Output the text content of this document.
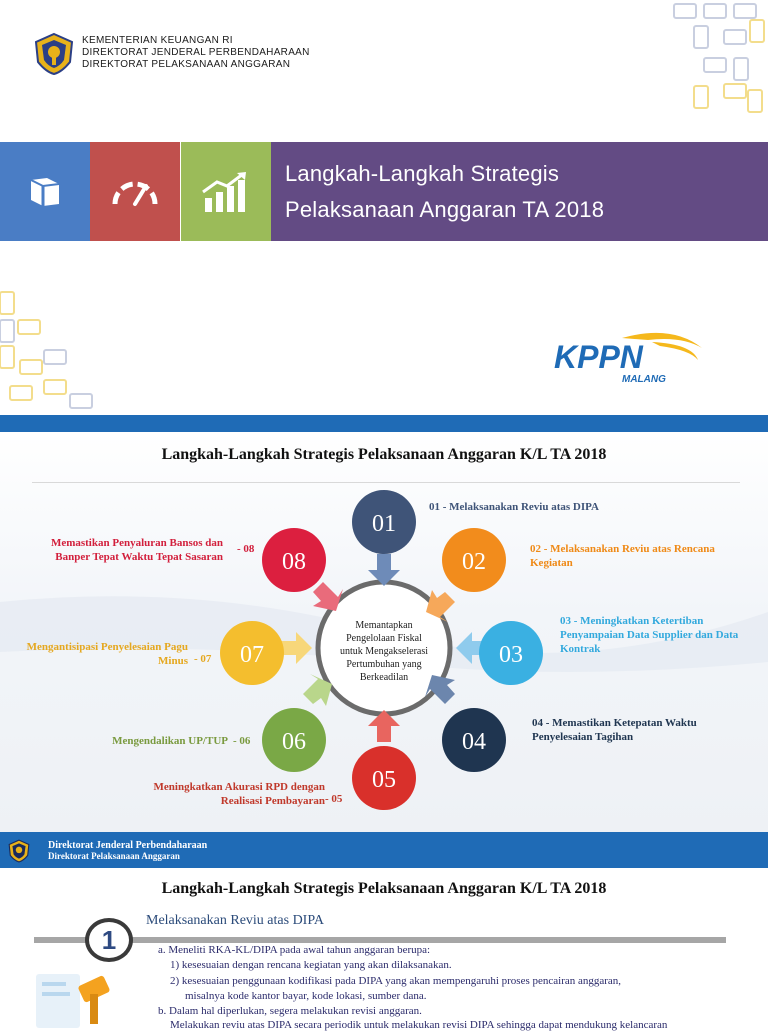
KEMENTERIAN KEUANGAN RI
DIREKTORAT JENDERAL PERBENDAHARAAN
DIREKTORAT PELAKSANAAN ANGGARAN
Langkah-Langkah Strategis
Pelaksanaan Anggaran TA 2018
KPPN
MALANG
Langkah-Langkah Strategis Pelaksanaan Anggaran K/L TA 2018
Memantapkan
Pengelolaan Fiskal
untuk Mengakselerasi
Pertumbuhan yang
Berkeadilan
01
02
03
04
05
06
07
08
01 - Melaksanakan Reviu atas DIPA
02 - Melaksanakan Reviu atas Rencana Kegiatan
03 - Meningkatkan Ketertiban Penyampaian Data Supplier dan Data Kontrak
04 - Memastikan Ketepatan Waktu Penyelesaian Tagihan
Meningkatkan Akurasi RPD dengan Realisasi Pembayaran - 05
Mengendalikan UP/TUP - 06
Mengantisipasi Penyelesaian Pagu Minus - 07
Memastikan Penyaluran Bansos dan Banper Tepat Waktu Tepat Sasaran
- 08
Direktorat Jenderal Perbendaharaan
Direktorat Pelaksanaan Anggaran
Langkah-Langkah Strategis Pelaksanaan Anggaran K/L TA 2018
Melaksanakan Reviu atas DIPA
1	a. Meneliti RKA-KL/DIPA pada awal tahun anggaran berupa:
1) kesesuaian dengan rencana kegiatan yang akan dilaksanakan.
2) kesesuaian penggunaan kodifikasi pada DIPA yang akan mempengaruhi proses pencairan anggaran,
misalnya kode kantor bayar, kode lokasi, sumber dana.
b. Dalam hal diperlukan, segera melakukan revisi anggaran.
Melakukan reviu atas DIPA secara periodik untuk melakukan revisi DIPA sehingga dapat mendukung kelancaran
